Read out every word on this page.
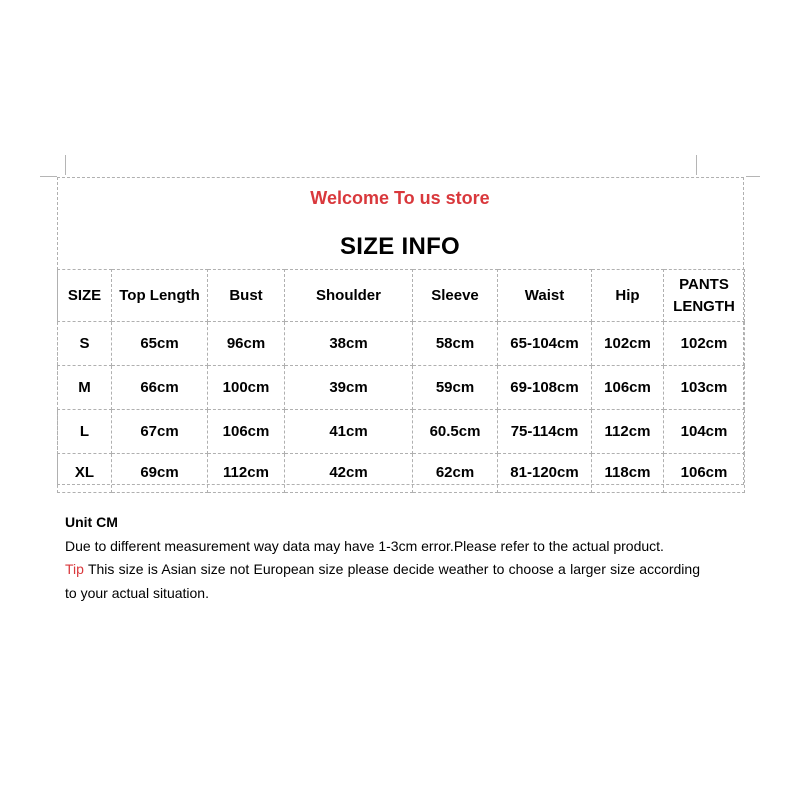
Welcome To us store
SIZE INFO
SIZE	Top Length	Bust	Shoulder	Sleeve	Waist	Hip	PANTS LENGTH
S	65cm	96cm	38cm	58cm	65-104cm	102cm	102cm
M	66cm	100cm	39cm	59cm	69-108cm	106cm	103cm
L	67cm	106cm	41cm	60.5cm	75-114cm	112cm	104cm
XL	69cm	112cm	42cm	62cm	81-120cm	118cm	106cm
Unit CM
Due to different measurement way data may have 1-3cm error.Please refer to the actual product.
Tip This size is Asian size not European size please decide weather to choose a larger size according to your actual situation.
